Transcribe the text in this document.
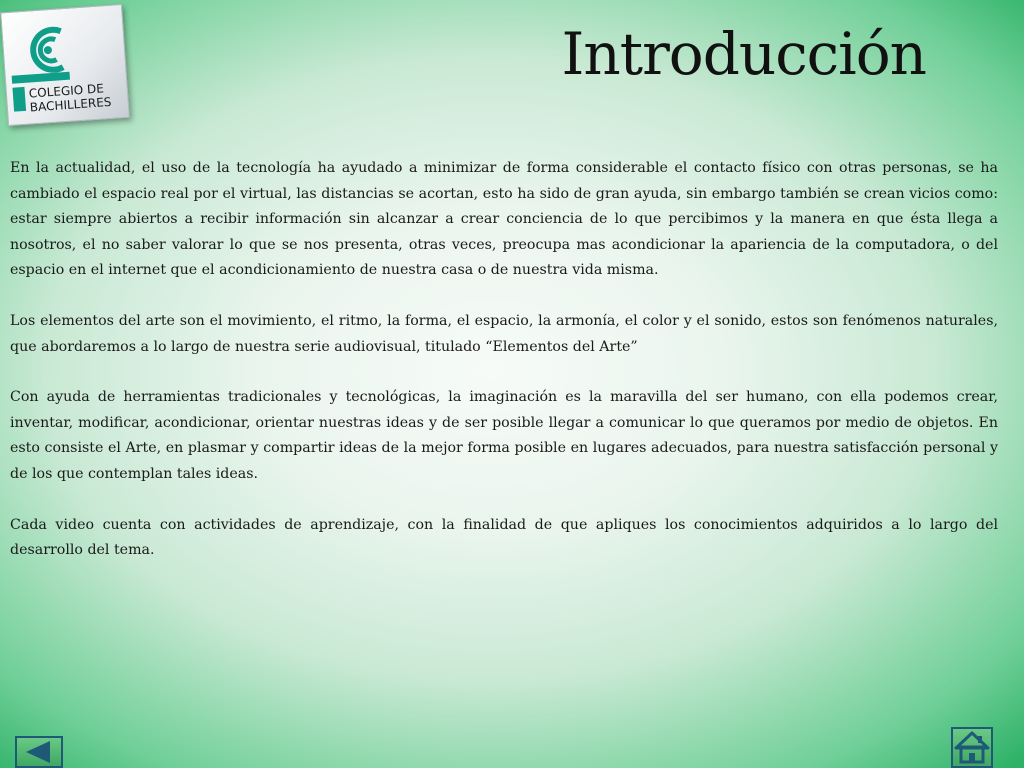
COLEGIO DE
BACHILLERES
Introducción

En la actualidad, el uso de la tecnología ha ayudado a minimizar de forma considerable el contacto físico con otras personas, se ha cambiado el espacio real por el virtual, las distancias se acortan, esto ha sido de gran ayuda, sin embargo también se crean vicios como: estar siempre abiertos a recibir información sin alcanzar a crear conciencia de lo que percibimos y la manera en que ésta llega a nosotros, el no saber valorar lo que se nos presenta, otras veces, preocupa mas acondicionar la apariencia de la computadora, o del espacio en el internet que el acondicionamiento de nuestra casa o de nuestra vida misma.

Los elementos del arte son el movimiento, el ritmo, la forma, el espacio, la armonía, el color y el sonido, estos son fenómenos naturales, que abordaremos a lo largo de nuestra serie audiovisual, titulado “Elementos del Arte”

Con ayuda de herramientas tradicionales y tecnológicas, la imaginación es la maravilla del ser humano, con ella podemos crear, inventar, modificar, acondicionar, orientar nuestras ideas y de ser posible llegar a comunicar lo que queramos por medio de objetos. En esto consiste el Arte, en plasmar y compartir ideas de la mejor forma posible en lugares adecuados, para nuestra satisfacción personal y de los que contemplan tales ideas.

Cada video cuenta con actividades de aprendizaje, con la finalidad de que apliques los conocimientos adquiridos a lo largo del desarrollo del tema.
